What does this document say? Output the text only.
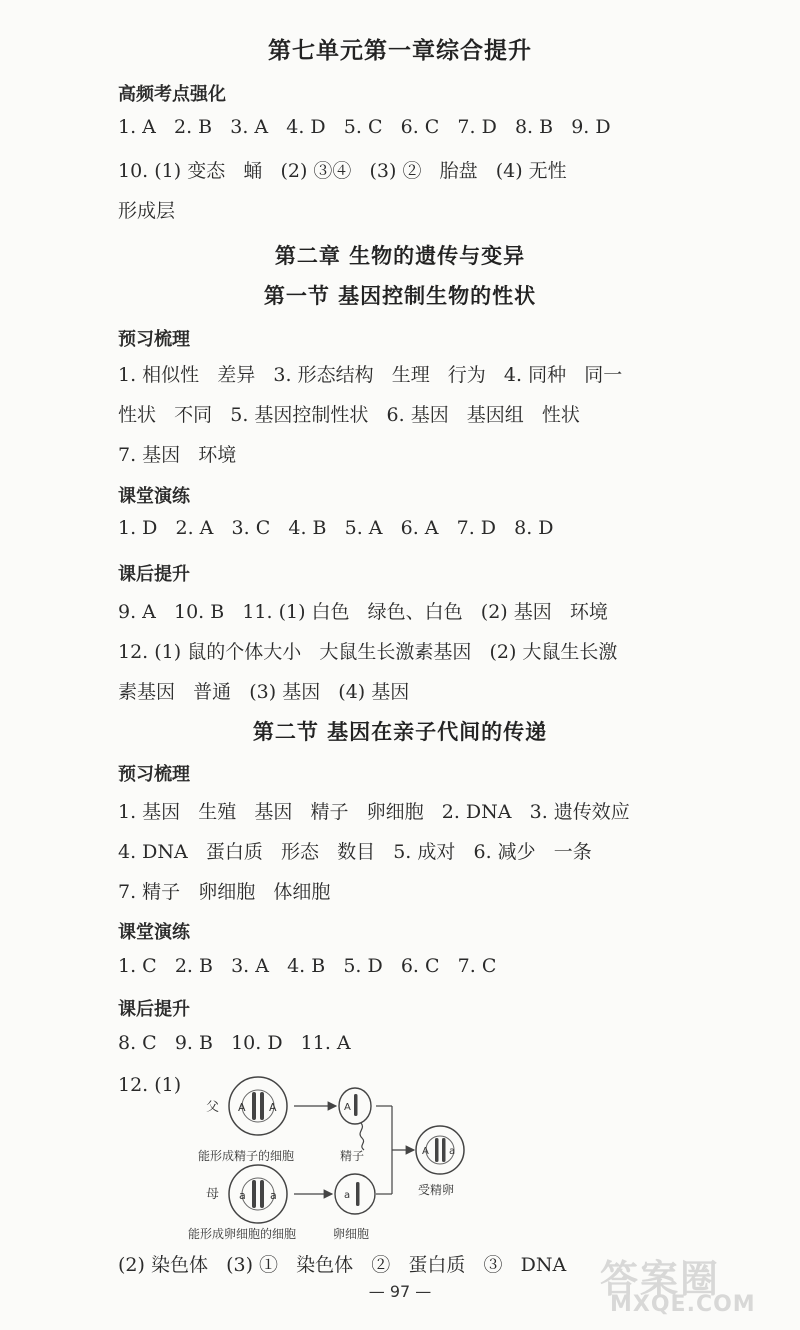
第七单元第一章综合提升
高频考点强化
1. A   2. B   3. A   4. D   5. C   6. C   7. D   8. B   9. D
10. (1) 变态   蛹   (2) ③④   (3) ②   胎盘   (4) 无性
形成层
第二章 生物的遗传与变异
第一节 基因控制生物的性状
预习梳理
1. 相似性   差异   3. 形态结构   生理   行为   4. 同种   同一
性状   不同   5. 基因控制性状   6. 基因   基因组   性状
7. 基因   环境
课堂演练
1. D   2. A   3. C   4. B   5. A   6. A   7. D   8. D
课后提升
9. A   10. B   11. (1) 白色   绿色、白色   (2) 基因   环境
12. (1) 鼠的个体大小   大鼠生长激素基因   (2) 大鼠生长激
素基因   普通   (3) 基因   (4) 基因
第二节 基因在亲子代间的传递
预习梳理
1. 基因   生殖   基因   精子   卵细胞   2. DNA   3. 遗传效应
4. DNA   蛋白质   形态   数目   5. 成对   6. 减少   一条
7. 精子   卵细胞   体细胞
课堂演练
1. C   2. B   3. A   4. B   5. D   6. C   7. C
课后提升
8. C   9. B   10. D   11. A
12. (1)
父 A A
能形成精子的细胞
A
精子	A a
受精卵
母 a a
能形成卵细胞的细胞
a
卵细胞
(2) 染色体   (3) ①   染色体   ②   蛋白质   ③   DNA
— 97 —	答案圈
MXQE.COM
